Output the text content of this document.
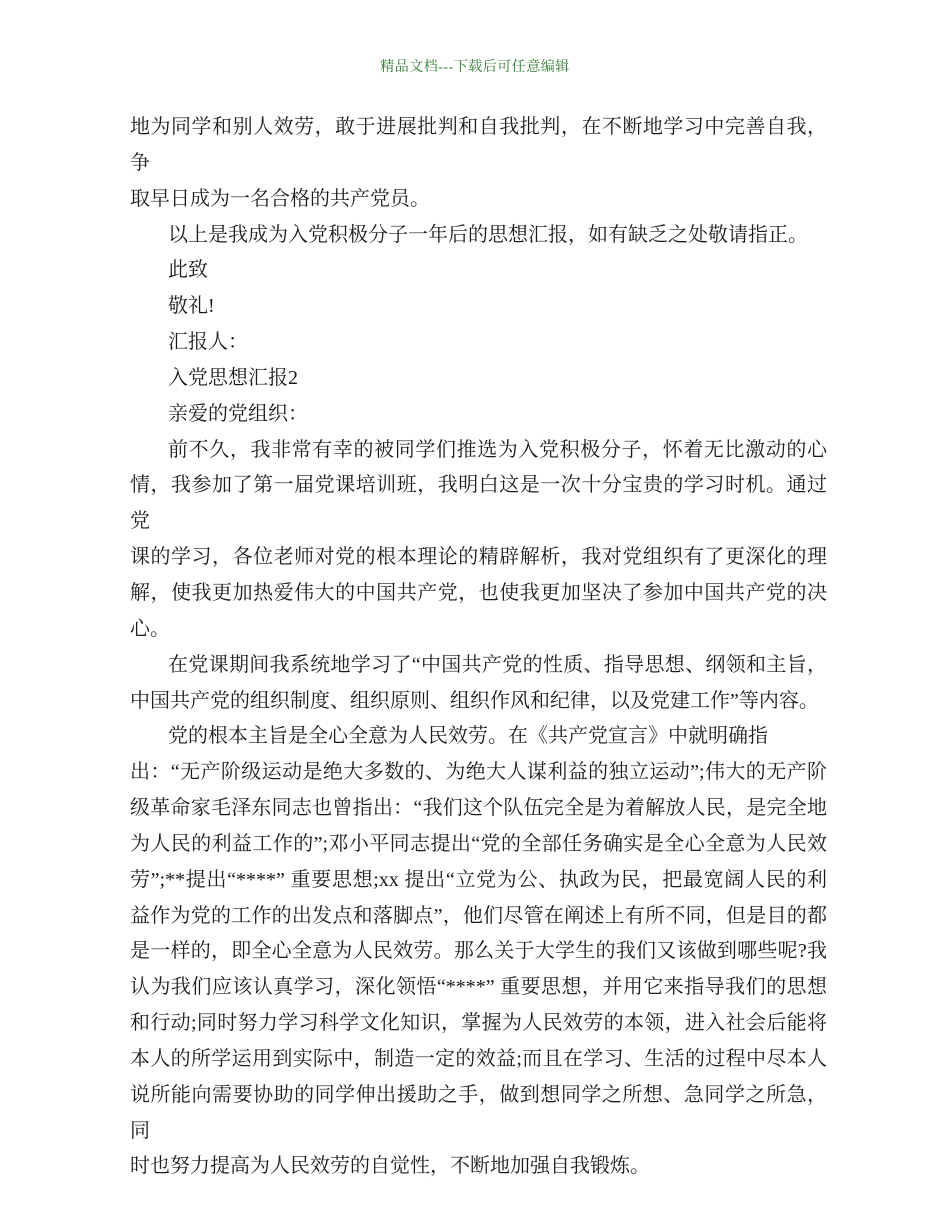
精品文档---下载后可任意编辑
地为同学和别人效劳，敢于进展批判和自我批判，在不断地学习中完善自我，争
取早日成为一名合格的共产党员。
以上是我成为入党积极分子一年后的思想汇报，如有缺乏之处敬请指正。
此致
敬礼!
汇报人：
入党思想汇报2
亲爱的党组织：
前不久，我非常有幸的被同学们推选为入党积极分子，怀着无比激动的心
情，我参加了第一届党课培训班，我明白这是一次十分宝贵的学习时机。通过党
课的学习，各位老师对党的根本理论的精辟解析，我对党组织有了更深化的理
解，使我更加热爱伟大的中国共产党，也使我更加坚决了参加中国共产党的决
心。
在党课期间我系统地学习了“中国共产党的性质、指导思想、纲领和主旨，
中国共产党的组织制度、组织原则、组织作风和纪律，以及党建工作”等内容。
党的根本主旨是全心全意为人民效劳。在《共产党宣言》中就明确指
出：“无产阶级运动是绝大多数的、为绝大人谋利益的独立运动”;伟大的无产阶
级革命家毛泽东同志也曾指出：“我们这个队伍完全是为着解放人民，是完全地
为人民的利益工作的”;邓小平同志提出“党的全部任务确实是全心全意为人民效
劳”;**提出“****” 重要思想;xx 提出“立党为公、执政为民，把最宽阔人民的利
益作为党的工作的出发点和落脚点”，他们尽管在阐述上有所不同，但是目的都
是一样的，即全心全意为人民效劳。那么关于大学生的我们又该做到哪些呢?我
认为我们应该认真学习，深化领悟“****” 重要思想，并用它来指导我们的思想
和行动;同时努力学习科学文化知识，掌握为人民效劳的本领，进入社会后能将
本人的所学运用到实际中，制造一定的效益;而且在学习、生活的过程中尽本人
说所能向需要协助的同学伸出援助之手，做到想同学之所想、急同学之所急，同
时也努力提高为人民效劳的自觉性，不断地加强自我锻炼。
